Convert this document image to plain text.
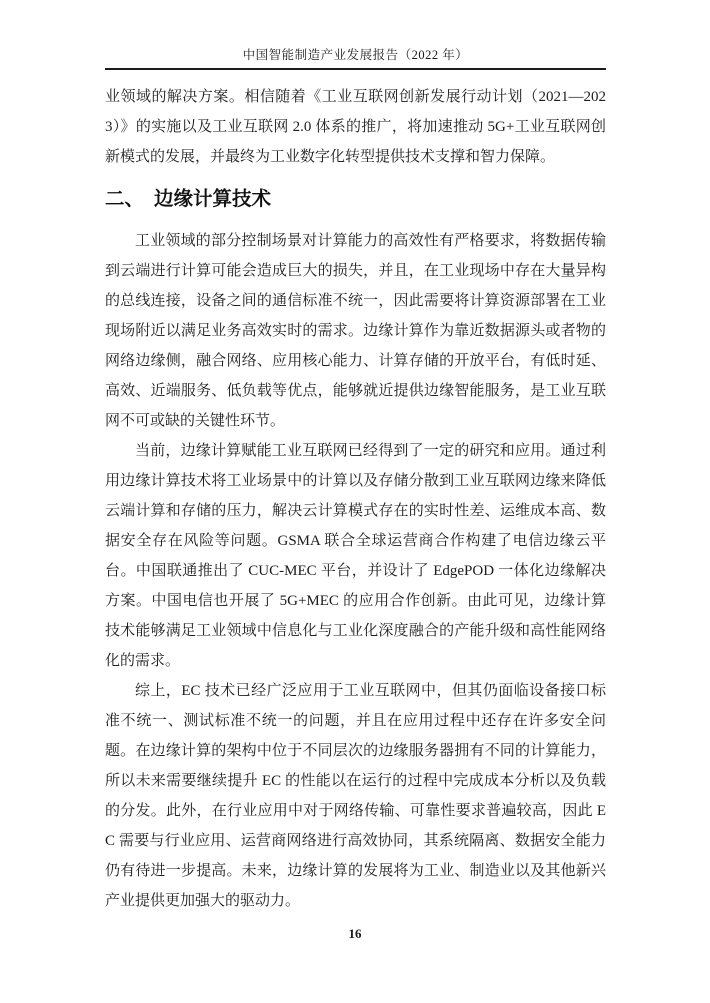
中国智能制造产业发展报告（2022 年）

业领域的解决方案。相信随着《工业互联网创新发展行动计划（2021—2023）》的实施以及工业互联网 2.0 体系的推广，将加速推动 5G+工业互联网创新模式的发展，并最终为工业数字化转型提供技术支撑和智力保障。

二、 边缘计算技术

工业领域的部分控制场景对计算能力的高效性有严格要求，将数据传输到云端进行计算可能会造成巨大的损失，并且，在工业现场中存在大量异构的总线连接，设备之间的通信标准不统一，因此需要将计算资源部署在工业现场附近以满足业务高效实时的需求。边缘计算作为靠近数据源头或者物的网络边缘侧，融合网络、应用核心能力、计算存储的开放平台，有低时延、高效、近端服务、低负载等优点，能够就近提供边缘智能服务，是工业互联网不可或缺的关键性环节。

当前，边缘计算赋能工业互联网已经得到了一定的研究和应用。通过利用边缘计算技术将工业场景中的计算以及存储分散到工业互联网边缘来降低云端计算和存储的压力，解决云计算模式存在的实时性差、运维成本高、数据安全存在风险等问题。GSMA 联合全球运营商合作构建了电信边缘云平台。中国联通推出了 CUC-MEC 平台，并设计了 EdgePOD 一体化边缘解决方案。中国电信也开展了 5G+MEC 的应用合作创新。由此可见，边缘计算技术能够满足工业领域中信息化与工业化深度融合的产能升级和高性能网络化的需求。

综上，EC 技术已经广泛应用于工业互联网中，但其仍面临设备接口标准不统一、测试标准不统一的问题，并且在应用过程中还存在许多安全问题。在边缘计算的架构中位于不同层次的边缘服务器拥有不同的计算能力，所以未来需要继续提升 EC 的性能以在运行的过程中完成成本分析以及负载的分发。此外，在行业应用中对于网络传输、可靠性要求普遍较高，因此 EC 需要与行业应用、运营商网络进行高效协同，其系统隔离、数据安全能力仍有待进一步提高。未来，边缘计算的发展将为工业、制造业以及其他新兴产业提供更加强大的驱动力。

16
